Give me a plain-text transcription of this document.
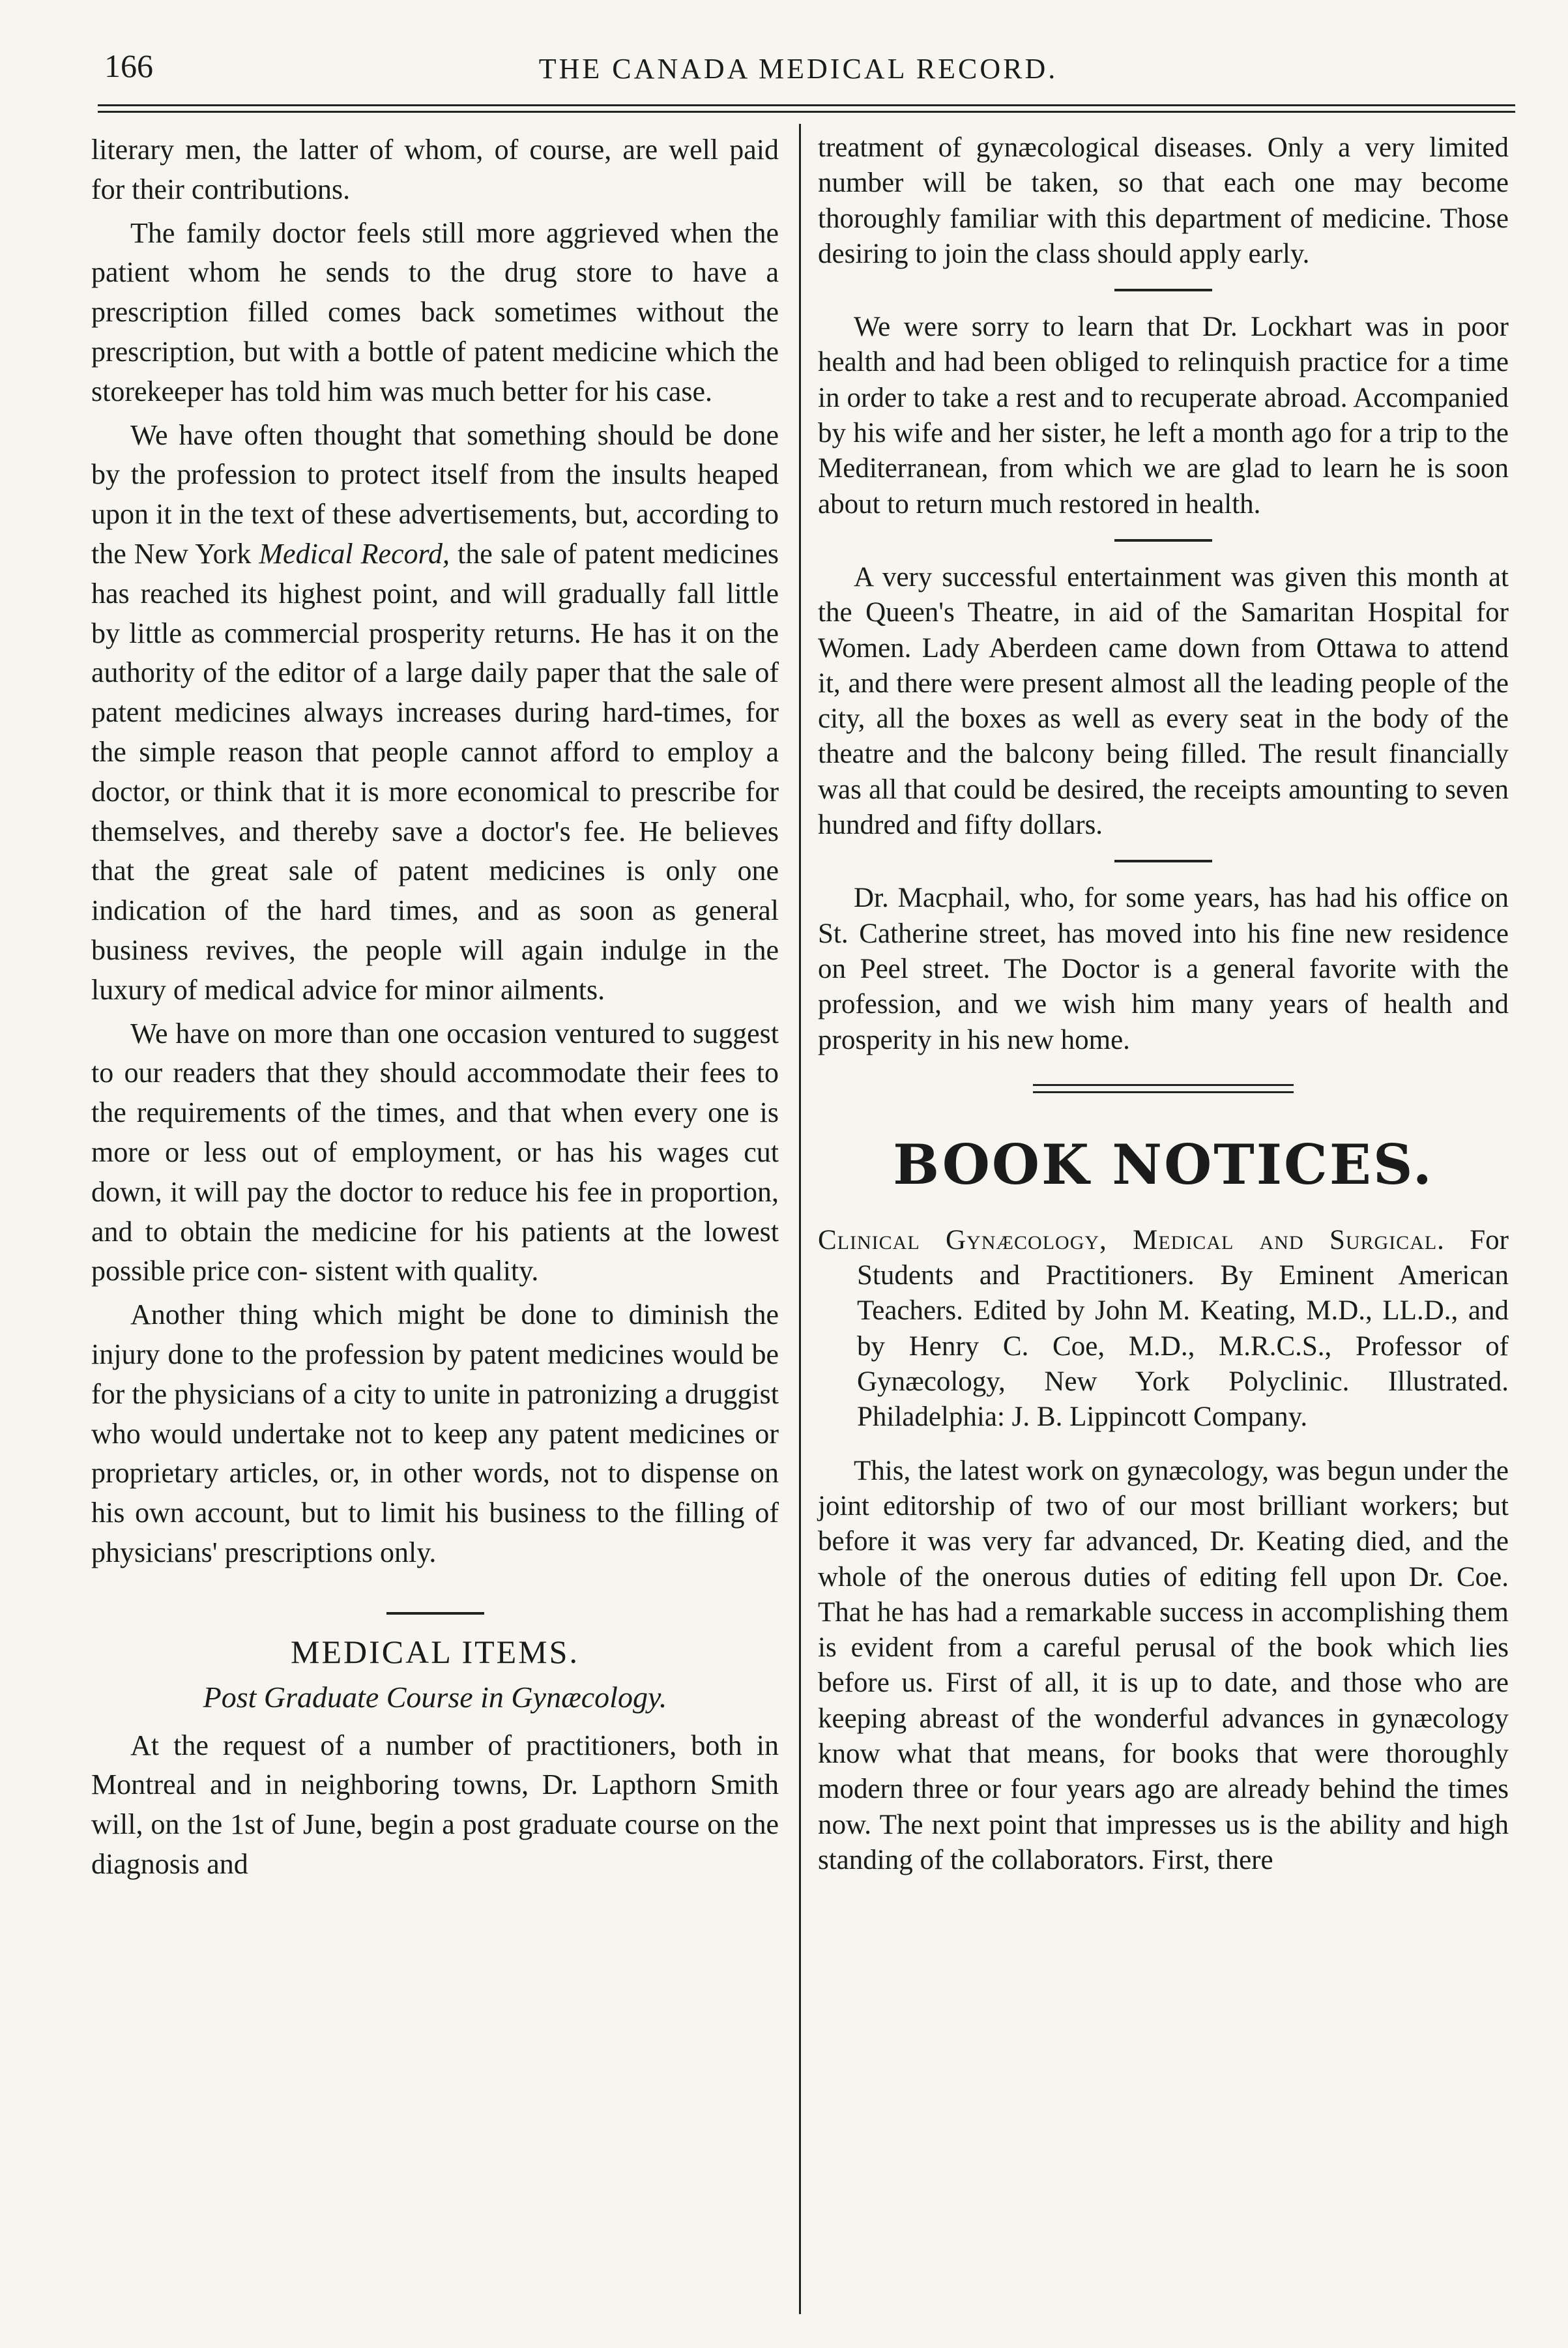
166	THE CANADA MEDICAL RECORD.

literary men, the latter of whom, of course, are well paid for their contributions.

The family doctor feels still more aggrieved when the patient whom he sends to the drug store to have a prescription filled comes back sometimes without the prescription, but with a bottle of patent medicine which the storekeeper has told him was much better for his case.

We have often thought that something should be done by the profession to protect itself from the insults heaped upon it in the text of these advertisements, but, according to the New York Medical Record, the sale of patent medicines has reached its highest point, and will gradually fall little by little as commercial prosperity returns. He has it on the authority of the editor of a large daily paper that the sale of patent medicines always increases during hard-times, for the simple reason that people cannot afford to employ a doctor, or think that it is more economical to prescribe for themselves, and thereby save a doctor's fee. He believes that the great sale of patent medicines is only one indication of the hard times, and as soon as general business revives, the people will again indulge in the luxury of medical advice for minor ailments.

We have on more than one occasion ventured to suggest to our readers that they should accommodate their fees to the requirements of the times, and that when every one is more or less out of employment, or has his wages cut down, it will pay the doctor to reduce his fee in proportion, and to obtain the medicine for his patients at the lowest possible price con- sistent with quality.

Another thing which might be done to diminish the injury done to the profession by patent medicines would be for the physicians of a city to unite in patronizing a druggist who would undertake not to keep any patent medicines or proprietary articles, or, in other words, not to dispense on his own account, but to limit his business to the filling of physicians' prescriptions only.

MEDICAL ITEMS.
Post Graduate Course in Gynæcology.

At the request of a number of practitioners, both in Montreal and in neighboring towns, Dr. Lapthorn Smith will, on the 1st of June, begin a post graduate course on the diagnosis and

treatment of gynæcological diseases. Only a very limited number will be taken, so that each one may become thoroughly familiar with this department of medicine. Those desiring to join the class should apply early.

We were sorry to learn that Dr. Lockhart was in poor health and had been obliged to relinquish practice for a time in order to take a rest and to recuperate abroad. Accompanied by his wife and her sister, he left a month ago for a trip to the Mediterranean, from which we are glad to learn he is soon about to return much restored in health.

A very successful entertainment was given this month at the Queen's Theatre, in aid of the Samaritan Hospital for Women. Lady Aberdeen came down from Ottawa to attend it, and there were present almost all the leading people of the city, all the boxes as well as every seat in the body of the theatre and the balcony being filled. The result financially was all that could be desired, the receipts amounting to seven hundred and fifty dollars.

Dr. Macphail, who, for some years, has had his office on St. Catherine street, has moved into his fine new residence on Peel street. The Doctor is a general favorite with the profession, and we wish him many years of health and prosperity in his new home.

BOOK NOTICES.
Clinical Gynæcology, Medical and Surgical. For Students and Practitioners. By Eminent American Teachers. Edited by John M. Keating, M.D., LL.D., and by Henry C. Coe, M.D., M.R.C.S., Professor of Gynæcology, New York Polyclinic. Illustrated. Philadelphia: J. B. Lippincott Company.

This, the latest work on gynæcology, was begun under the joint editorship of two of our most brilliant workers; but before it was very far advanced, Dr. Keating died, and the whole of the onerous duties of editing fell upon Dr. Coe. That he has had a remarkable success in accomplishing them is evident from a careful perusal of the book which lies before us. First of all, it is up to date, and those who are keeping abreast of the wonderful advances in gynæcology know what that means, for books that were thoroughly modern three or four years ago are already behind the times now. The next point that impresses us is the ability and high standing of the collaborators. First, there
